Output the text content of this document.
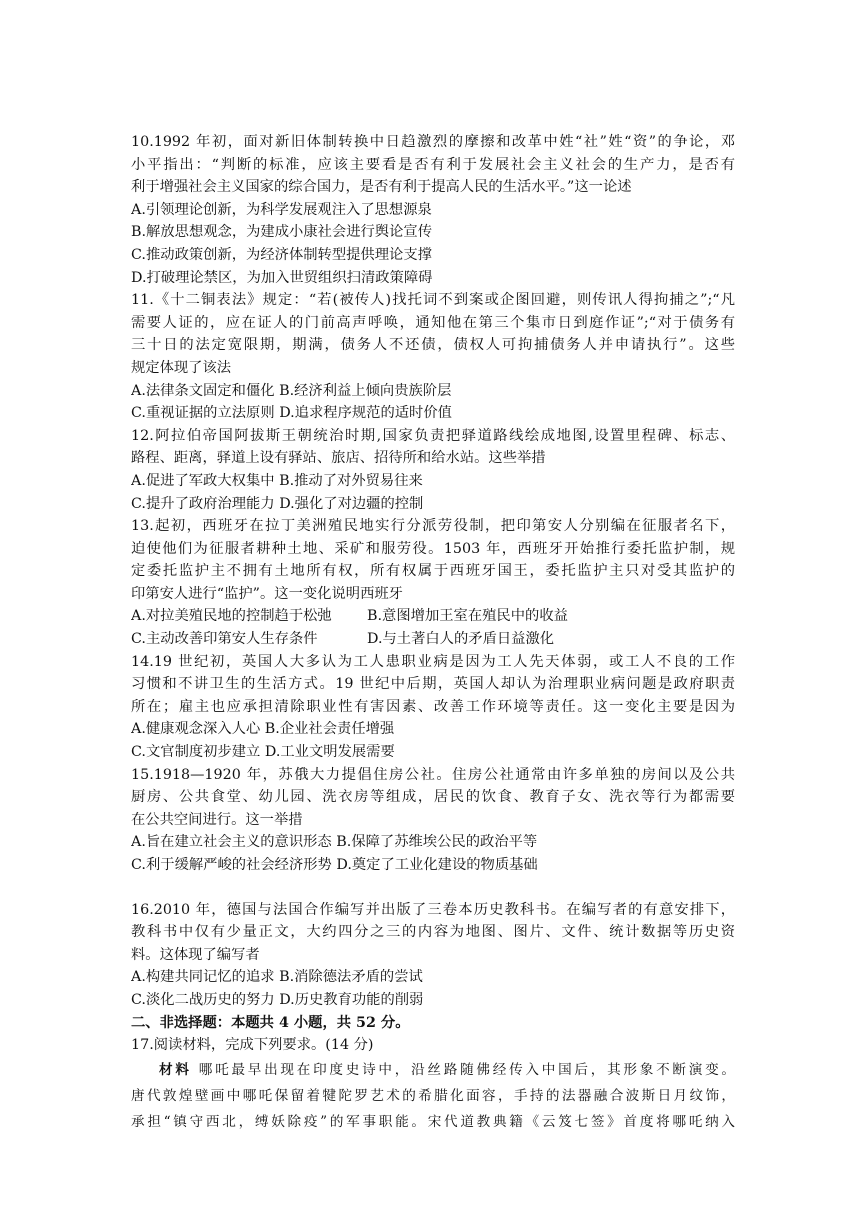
10.1992 年初，面对新旧体制转换中日趋激烈的摩擦和改革中姓“社”姓“资”的争论，邓
小平指出：“判断的标准，应该主要看是否有利于发展社会主义社会的生产力，是否有
利于增强社会主义国家的综合国力，是否有利于提高人民的生活水平。”这一论述
A.引领理论创新，为科学发展观注入了思想源泉
B.解放思想观念，为建成小康社会进行舆论宣传
C.推动政策创新，为经济体制转型提供理论支撑
D.打破理论禁区，为加入世贸组织扫清政策障碍
11.《十二铜表法》规定：“若(被传人)找托词不到案或企图回避，则传讯人得拘捕之”;“凡
需要人证的，应在证人的门前高声呼唤，通知他在第三个集市日到庭作证”;“对于债务有
三十日的法定宽限期，期满，债务人不还债，债权人可拘捕债务人并申请执行”。这些
规定体现了该法
A.法律条文固定和僵化 B.经济利益上倾向贵族阶层
C.重视证据的立法原则 D.追求程序规范的适时价值
12.阿拉伯帝国阿拔斯王朝统治时期,国家负责把驿道路线绘成地图,设置里程碑、标志、
路程、距离，驿道上设有驿站、旅店、招待所和给水站。这些举措
A.促进了军政大权集中 B.推动了对外贸易往来
C.提升了政府治理能力 D.强化了对边疆的控制
13.起初，西班牙在拉丁美洲殖民地实行分派劳役制，把印第安人分别编在征服者名下，
迫使他们为征服者耕种土地、采矿和服劳役。1503 年，西班牙开始推行委托监护制，规
定委托监护主不拥有土地所有权，所有权属于西班牙国王，委托监护主只对受其监护的
印第安人进行“监护”。这一变化说明西班牙
A.对拉美殖民地的控制趋于松弛 B.意图增加王室在殖民中的收益
C.主动改善印第安人生存条件	D.与土著白人的矛盾日益激化
14.19 世纪初，英国人大多认为工人患职业病是因为工人先天体弱，或工人不良的工作
习惯和不讲卫生的生活方式。19 世纪中后期，英国人却认为治理职业病问题是政府职责
所在；雇主也应承担清除职业性有害因素、改善工作环境等责任。这一变化主要是因为
A.健康观念深入人心 B.企业社会责任增强
C.文官制度初步建立 D.工业文明发展需要
15.1918—1920 年，苏俄大力提倡住房公社。住房公社通常由许多单独的房间以及公共
厨房、公共食堂、幼儿园、洗衣房等组成，居民的饮食、教育子女、洗衣等行为都需要
在公共空间进行。这一举措
A.旨在建立社会主义的意识形态 B.保障了苏维埃公民的政治平等
C.利于缓解严峻的社会经济形势 D.奠定了工业化建设的物质基础
16.2010 年，德国与法国合作编写并出版了三卷本历史教科书。在编写者的有意安排下，
教科书中仅有少量正文，大约四分之三的内容为地图、图片、文件、统计数据等历史资
料。这体现了编写者
A.构建共同记忆的追求 B.消除德法矛盾的尝试
C.淡化二战历史的努力 D.历史教育功能的削弱
二、非选择题：本题共 4 小题，共 52 分。
17.阅读材料，完成下列要求。(14 分)
材料 哪吒最早出现在印度史诗中，沿丝路随佛经传入中国后，其形象不断演变。
唐代敦煌壁画中哪吒保留着犍陀罗艺术的希腊化面容，手持的法器融合波斯日月纹饰，
承担“镇守西北，缚妖除疫”的军事职能。宋代道教典籍《云笈七签》首度将哪吒纳入
